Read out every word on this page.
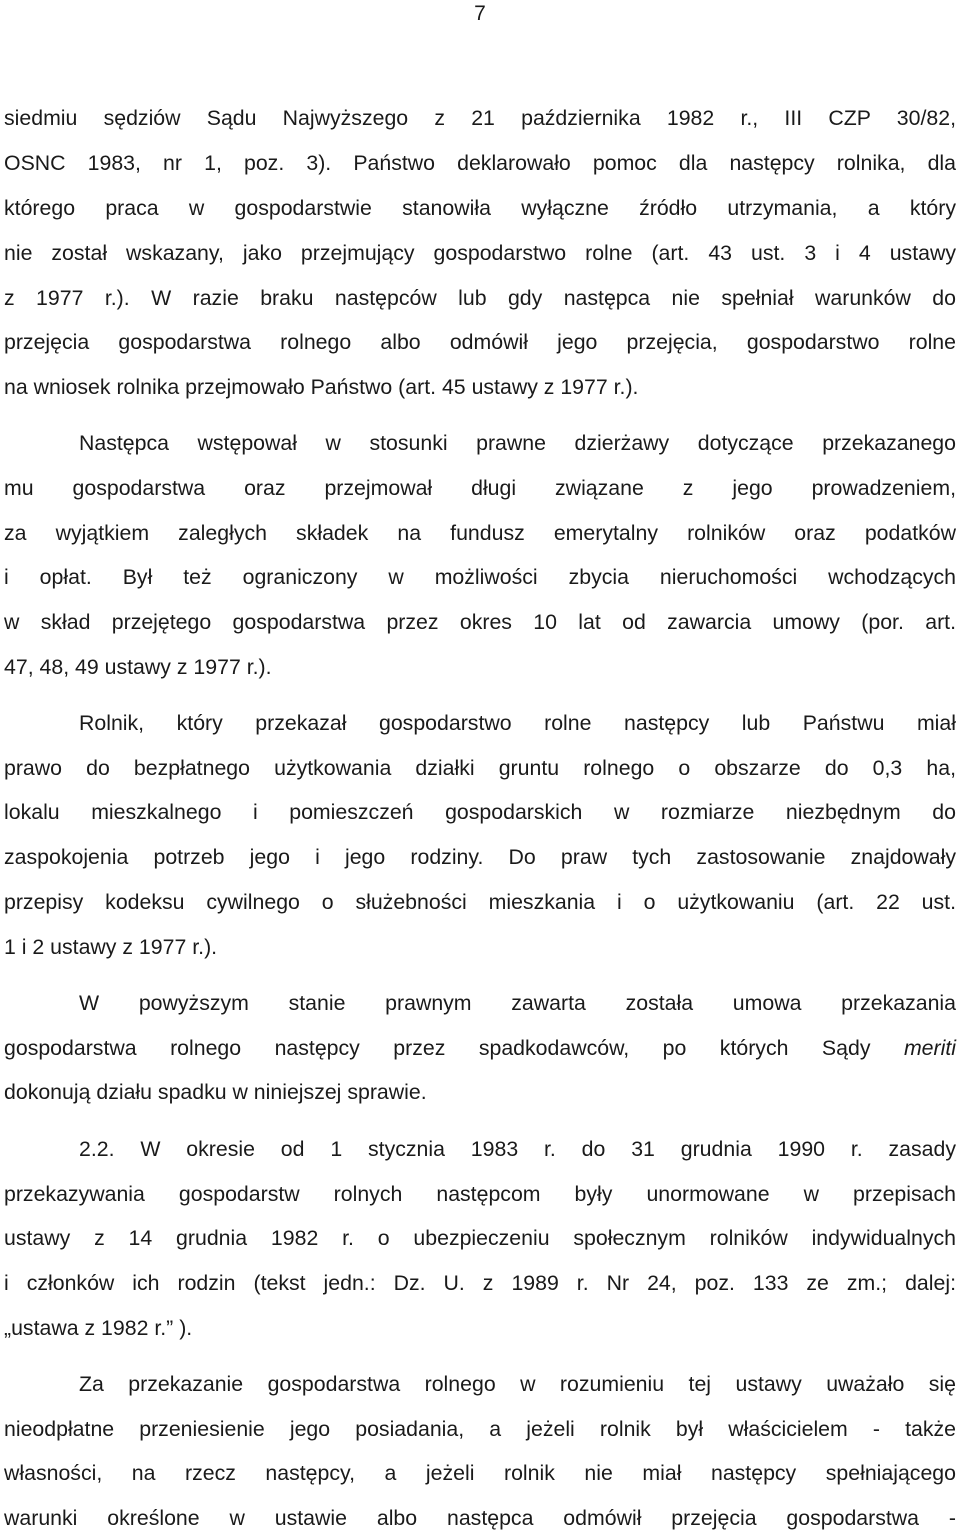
7
siedmiu sędziów Sądu Najwyższego z 21 października 1982 r., III CZP 30/82,
OSNC 1983, nr 1, poz. 3). Państwo deklarowało pomoc dla następcy rolnika, dla
którego praca w gospodarstwie stanowiła wyłączne źródło utrzymania, a który
nie został wskazany, jako przejmujący gospodarstwo rolne (art. 43 ust. 3 i 4 ustawy
z 1977 r.). W razie braku następców lub gdy następca nie spełniał warunków do
przejęcia gospodarstwa rolnego albo odmówił jego przejęcia, gospodarstwo rolne
na wniosek rolnika przejmowało Państwo (art. 45 ustawy z 1977 r.).
Następca wstępował w stosunki prawne dzierżawy dotyczące przekazanego
mu gospodarstwa oraz przejmował długi związane z jego prowadzeniem,
za wyjątkiem zaległych składek na fundusz emerytalny rolników oraz podatków
i opłat. Był też ograniczony w możliwości zbycia nieruchomości wchodzących
w skład przejętego gospodarstwa przez okres 10 lat od zawarcia umowy (por. art.
47, 48, 49 ustawy z 1977 r.).
Rolnik, który przekazał gospodarstwo rolne następcy lub Państwu miał
prawo do bezpłatnego użytkowania działki gruntu rolnego o obszarze do 0,3 ha,
lokalu mieszkalnego i pomieszczeń gospodarskich w rozmiarze niezbędnym do
zaspokojenia potrzeb jego i jego rodziny. Do praw tych zastosowanie znajdowały
przepisy kodeksu cywilnego o służebności mieszkania i o użytkowaniu (art. 22 ust.
1 i 2 ustawy z 1977 r.).
W powyższym stanie prawnym zawarta została umowa przekazania
gospodarstwa rolnego następcy przez spadkodawców, po których Sądy meriti
dokonują działu spadku w niniejszej sprawie.
2.2. W okresie od 1 stycznia 1983 r. do 31 grudnia 1990 r. zasady
przekazywania gospodarstw rolnych następcom były unormowane w przepisach
ustawy z 14 grudnia 1982 r. o ubezpieczeniu społecznym rolników indywidualnych
i członków ich rodzin (tekst jedn.: Dz. U. z 1989 r. Nr 24, poz. 133 ze zm.; dalej:
„ustawa z 1982 r.” ).
Za przekazanie gospodarstwa rolnego w rozumieniu tej ustawy uważało się
nieodpłatne przeniesienie jego posiadania, a jeżeli rolnik był właścicielem - także
własności, na rzecz następcy, a jeżeli rolnik nie miał następcy spełniającego
warunki określone w ustawie albo następca odmówił przejęcia gospodarstwa -
